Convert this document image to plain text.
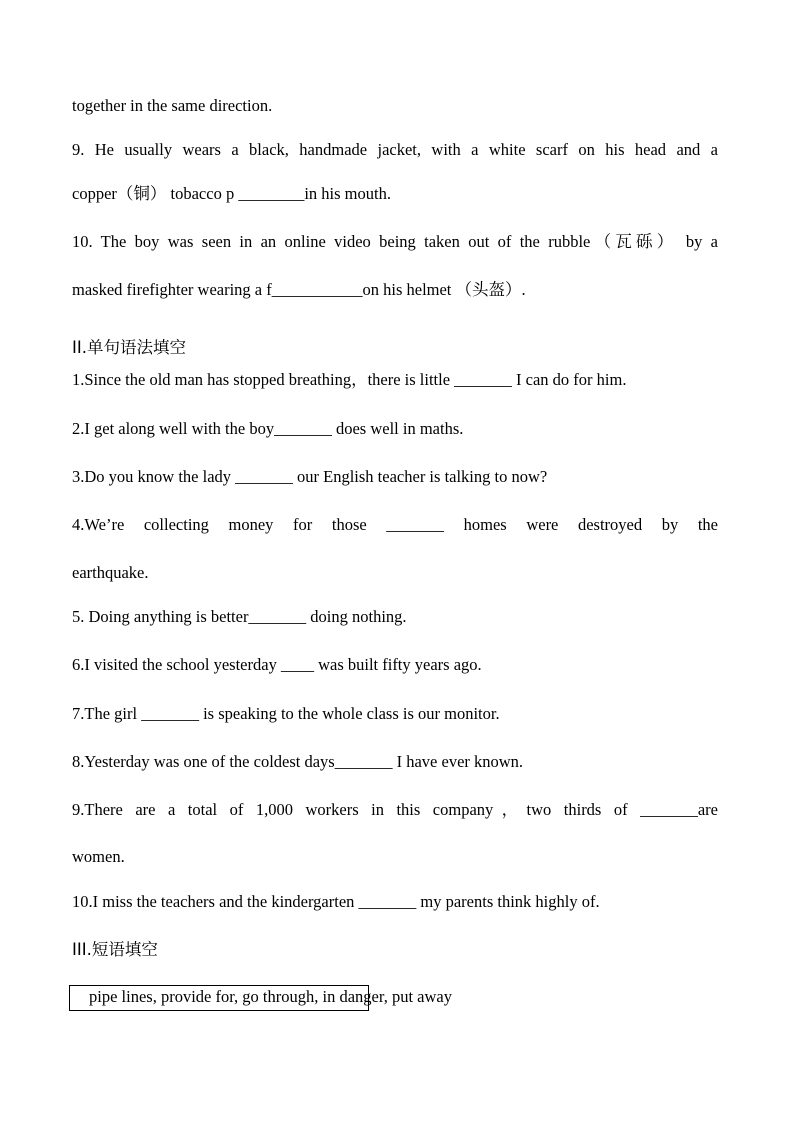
together in the same direction.
9. He usually wears a black, handmade jacket, with a white scarf on his head and a
copper（铜） tobacco p ________in his mouth.
10. The boy was seen in an online video being taken out of the rubble（瓦砾） by a
masked firefighter wearing a f___________on his helmet （头盔）.
II.单句语法填空
1.Since the old man has stopped breathing，there is little _______ I can do for him.
2.I get along well with the boy_______ does well in maths.
3.Do you know the lady _______ our English teacher is talking to now?
4.We’re collecting money for those _______ homes were destroyed by the
earthquake.
5. Doing anything is better_______ doing nothing.
6.I visited the school yesterday ____ was built fifty years ago.
7.The girl _______ is speaking to the whole class is our monitor.
8.Yesterday was one of the coldest days_______ I have ever known.
9.There are a total of 1,000 workers in this company，two thirds of _______are
women.
10.I miss the teachers and the kindergarten _______ my parents think highly of.
III.短语填空
pipe lines, provide for, go through, in danger, put away
